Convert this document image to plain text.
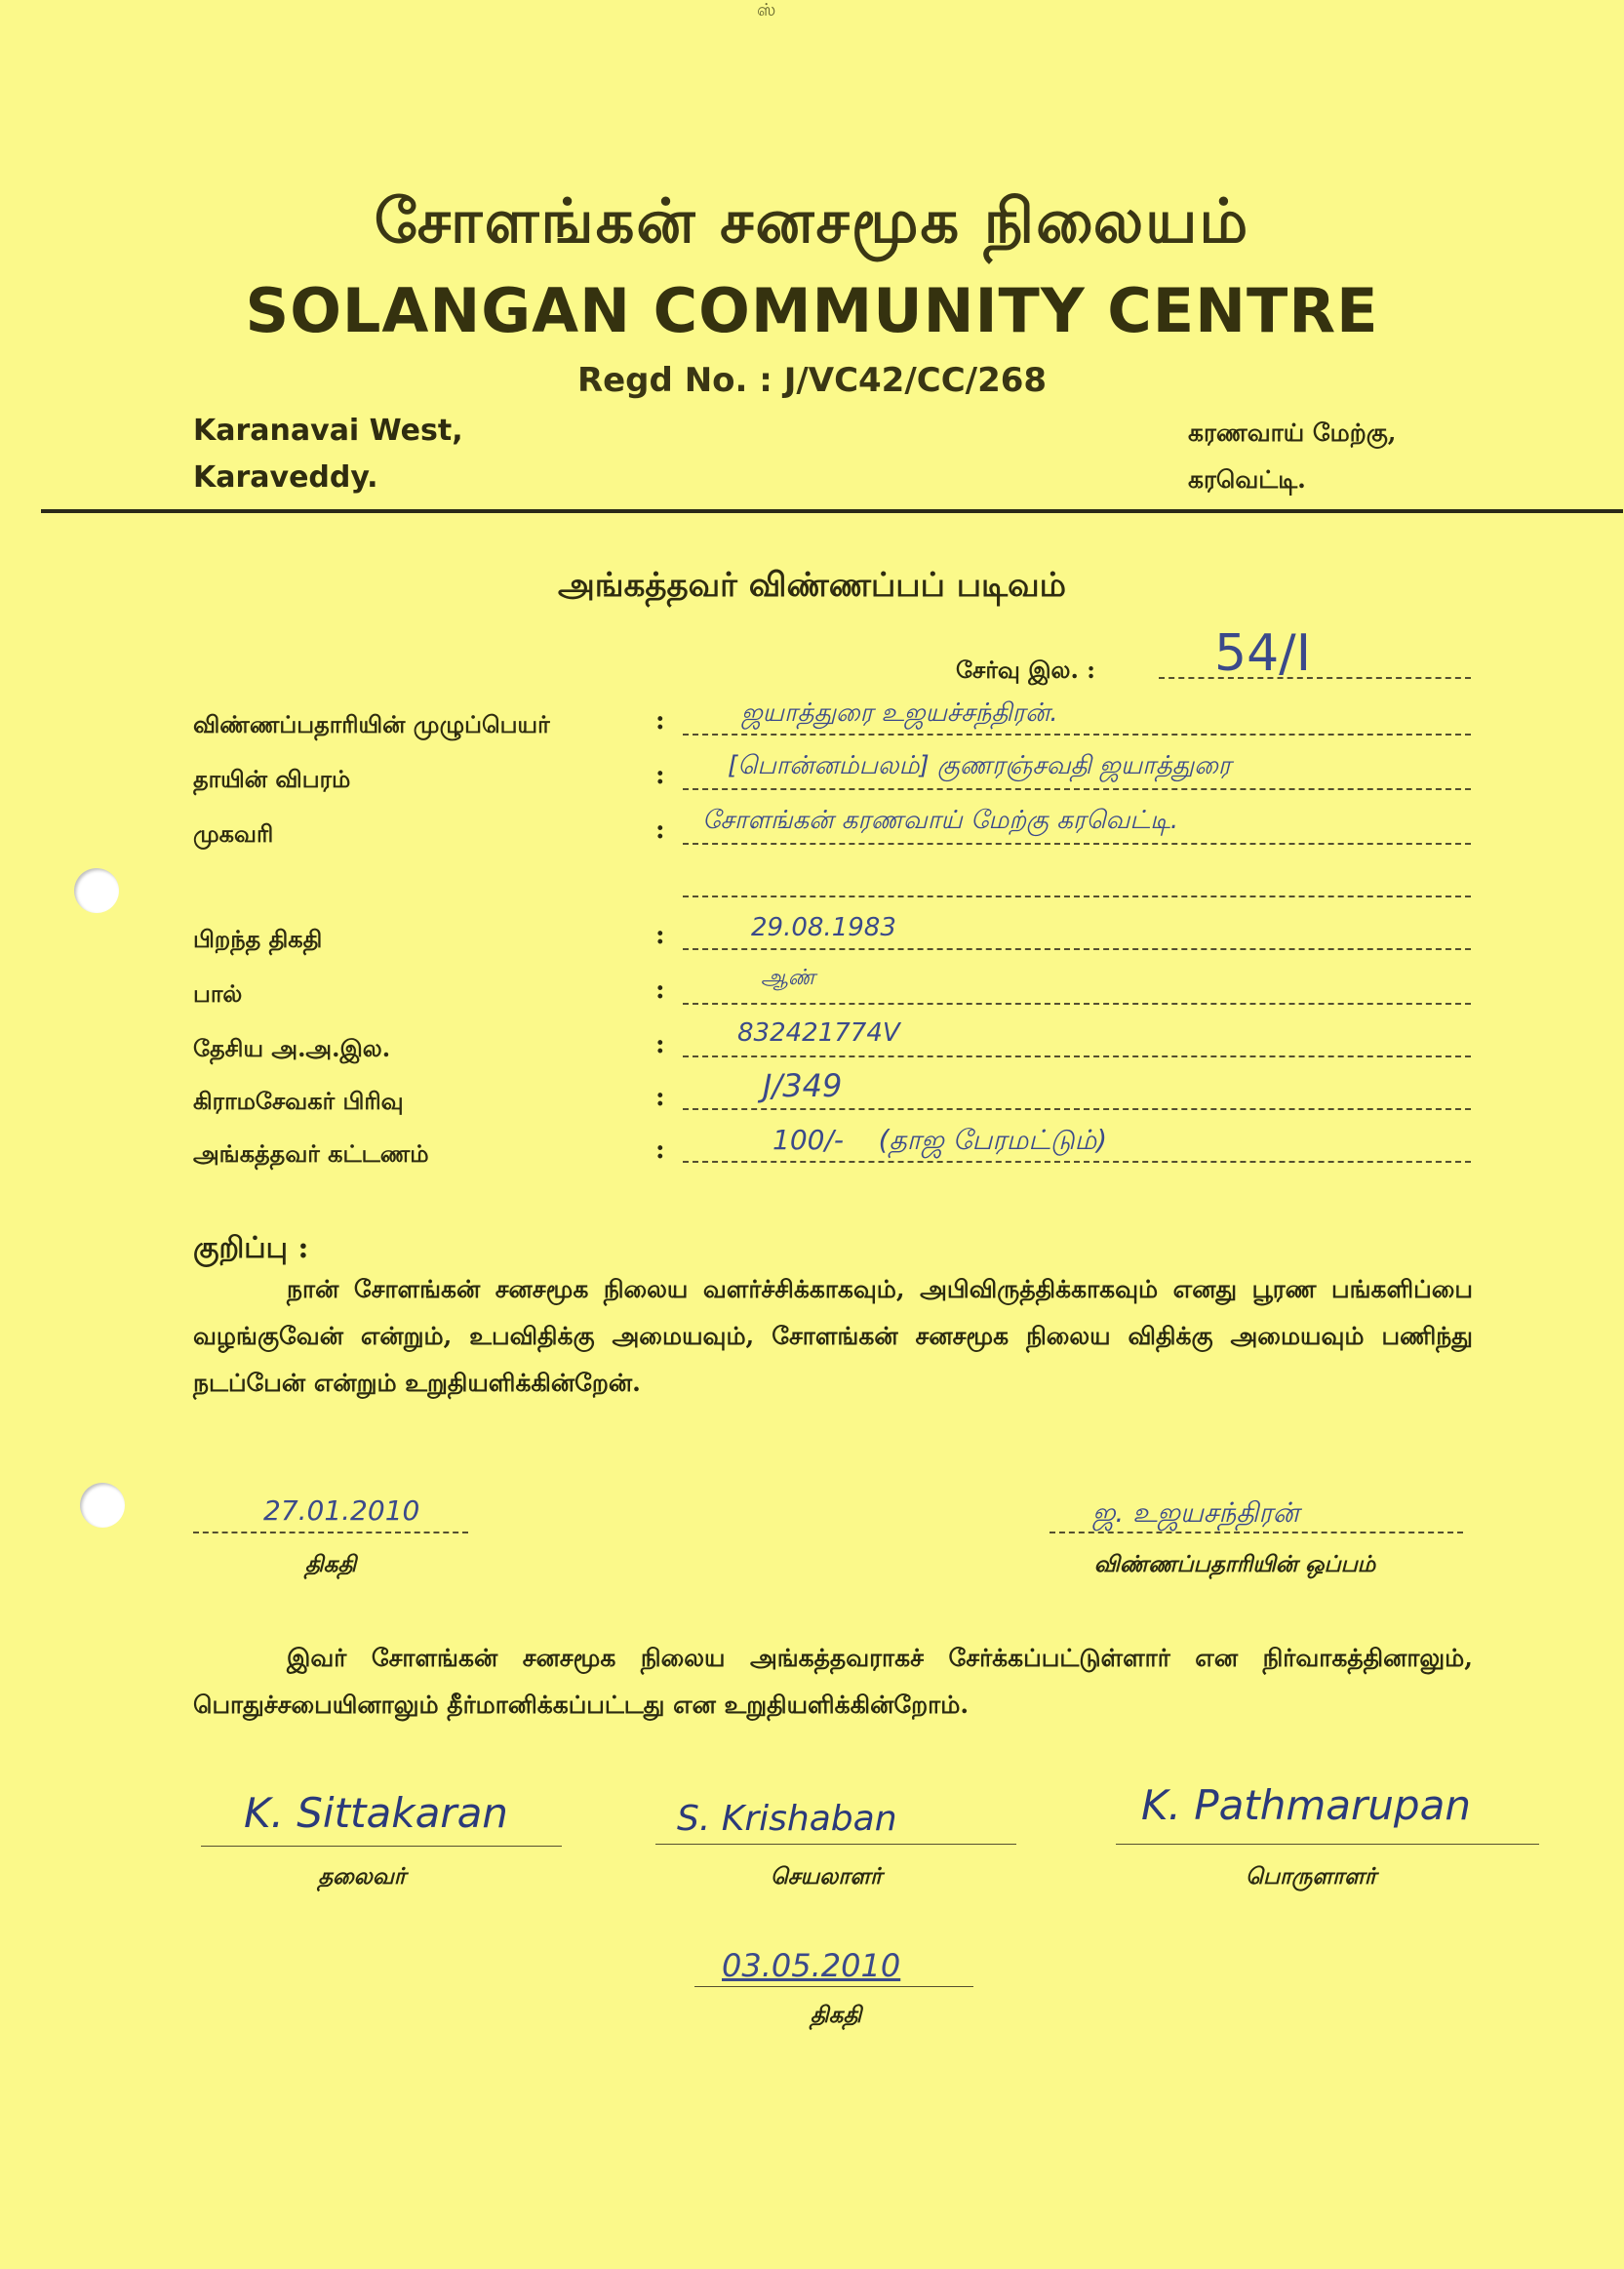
ஸ்
சோளங்கன் சனசமூக நிலையம்
SOLANGAN COMMUNITY CENTRE
Regd No. : J/VC42/CC/268
Karanavai West,
Karaveddy.
கரணவாய் மேற்கு,
கரவெட்டி.
அங்கத்தவர் விண்ணப்பப் படிவம்
சேர்வு இல. : 54/I
விண்ணப்பதாரியின் முழுப்பெயர்	:	ஜயாத்துரை உஜயச்சந்திரன்.
தாயின் விபரம்	: [பொன்னம்பலம்] குணரஞ்சவதி ஜயாத்துரை
முகவரி	: சோளங்கன் கரணவாய் மேற்கு கரவெட்டி.
பிறந்த திகதி	:	29.08.1983
பால்	:	ஆண்
தேசிய அ.அ.இல.	:	832421774V
கிராமசேவகர் பிரிவு	:	J/349
அங்கத்தவர் கட்டணம்	:	100/-    (தாஜ பேரமட்டும்)
குறிப்பு :
நான் சோளங்கன் சனசமூக நிலைய வளர்ச்சிக்காகவும், அபிவிருத்திக்காகவும் எனது பூரண பங்களிப்பை வழங்குவேன் என்றும், உபவிதிக்கு அமையவும், சோளங்கன் சனசமூக நிலைய விதிக்கு அமையவும் பணிந்து நடப்பேன் என்றும் உறுதியளிக்கின்றேன்.
27.01.2010
திகதி
ஜ. உஜயசந்திரன்
விண்ணப்பதாரியின் ஒப்பம்
இவர் சோளங்கன் சனசமூக நிலைய அங்கத்தவராகச் சேர்க்கப்பட்டுள்ளார் என நிர்வாகத்தினாலும், பொதுச்சபையினாலும் தீர்மானிக்கப்பட்டது என உறுதியளிக்கின்றோம்.
K. Sittakaran
தலைவர்
S. Krishaban
செயலாளர்
K. Pathmarupan
பொருளாளர்
03.05.2010
திகதி
